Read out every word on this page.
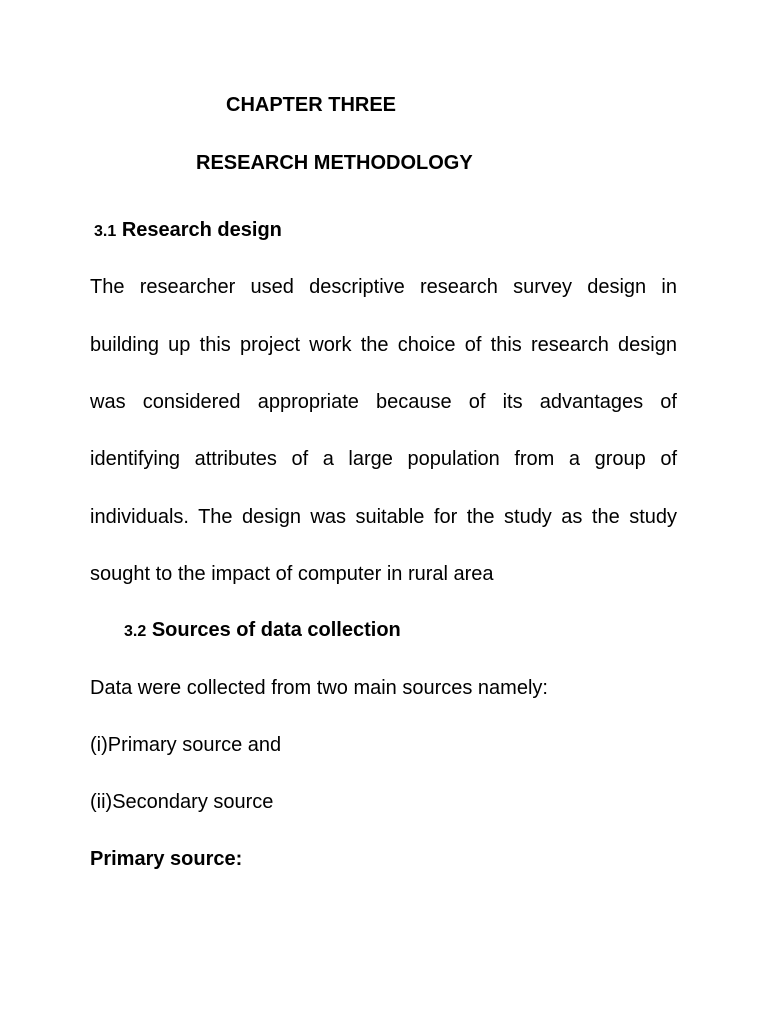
CHAPTER THREE
RESEARCH METHODOLOGY
3.1 Research design
The researcher used descriptive research survey design in
building up this project work the choice of this research design
was considered appropriate because of its advantages of
identifying attributes of a large population from a group of
individuals. The design was suitable for the study as the study
sought to the impact of computer in rural area
3.2 Sources of data collection
Data were collected from two main sources namely:
(i)Primary source and
(ii)Secondary source
Primary source:
